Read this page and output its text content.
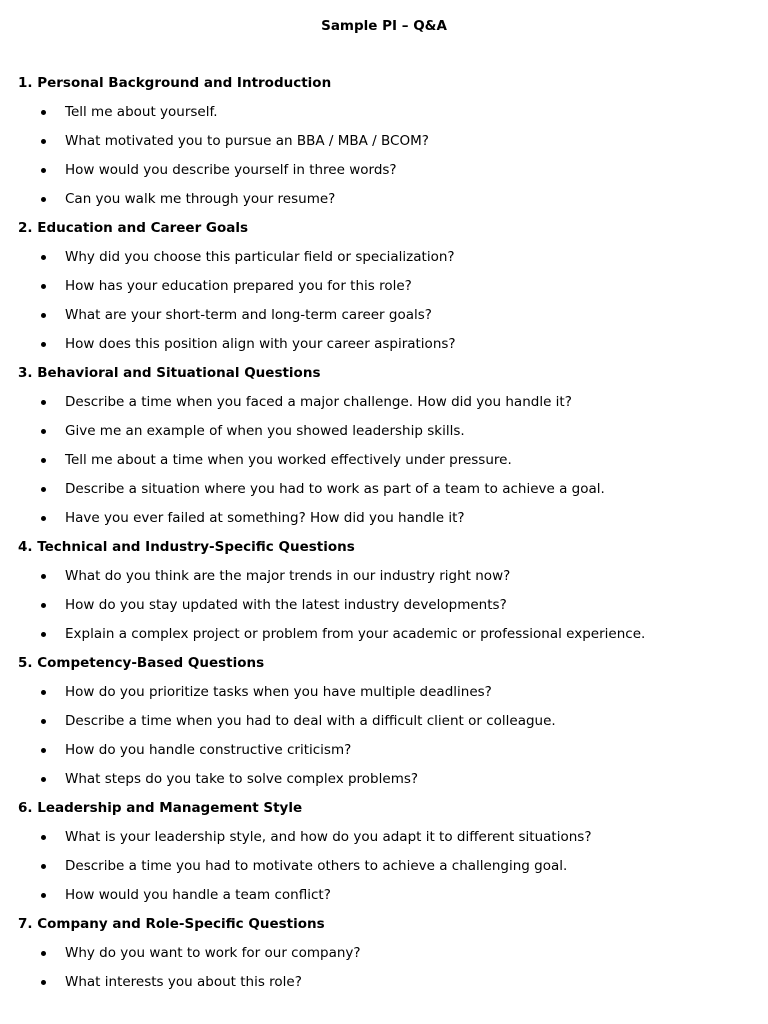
Sample PI – Q&A
1. Personal Background and Introduction
Tell me about yourself.
What motivated you to pursue an BBA / MBA / BCOM?
How would you describe yourself in three words?
Can you walk me through your resume?
2. Education and Career Goals
Why did you choose this particular field or specialization?
How has your education prepared you for this role?
What are your short-term and long-term career goals?
How does this position align with your career aspirations?
3. Behavioral and Situational Questions
Describe a time when you faced a major challenge. How did you handle it?
Give me an example of when you showed leadership skills.
Tell me about a time when you worked effectively under pressure.
Describe a situation where you had to work as part of a team to achieve a goal.
Have you ever failed at something? How did you handle it?
4. Technical and Industry-Specific Questions
What do you think are the major trends in our industry right now?
How do you stay updated with the latest industry developments?
Explain a complex project or problem from your academic or professional experience.
5. Competency-Based Questions
How do you prioritize tasks when you have multiple deadlines?
Describe a time when you had to deal with a difficult client or colleague.
How do you handle constructive criticism?
What steps do you take to solve complex problems?
6. Leadership and Management Style
What is your leadership style, and how do you adapt it to different situations?
Describe a time you had to motivate others to achieve a challenging goal.
How would you handle a team conflict?
7. Company and Role-Specific Questions
Why do you want to work for our company?
What interests you about this role?
